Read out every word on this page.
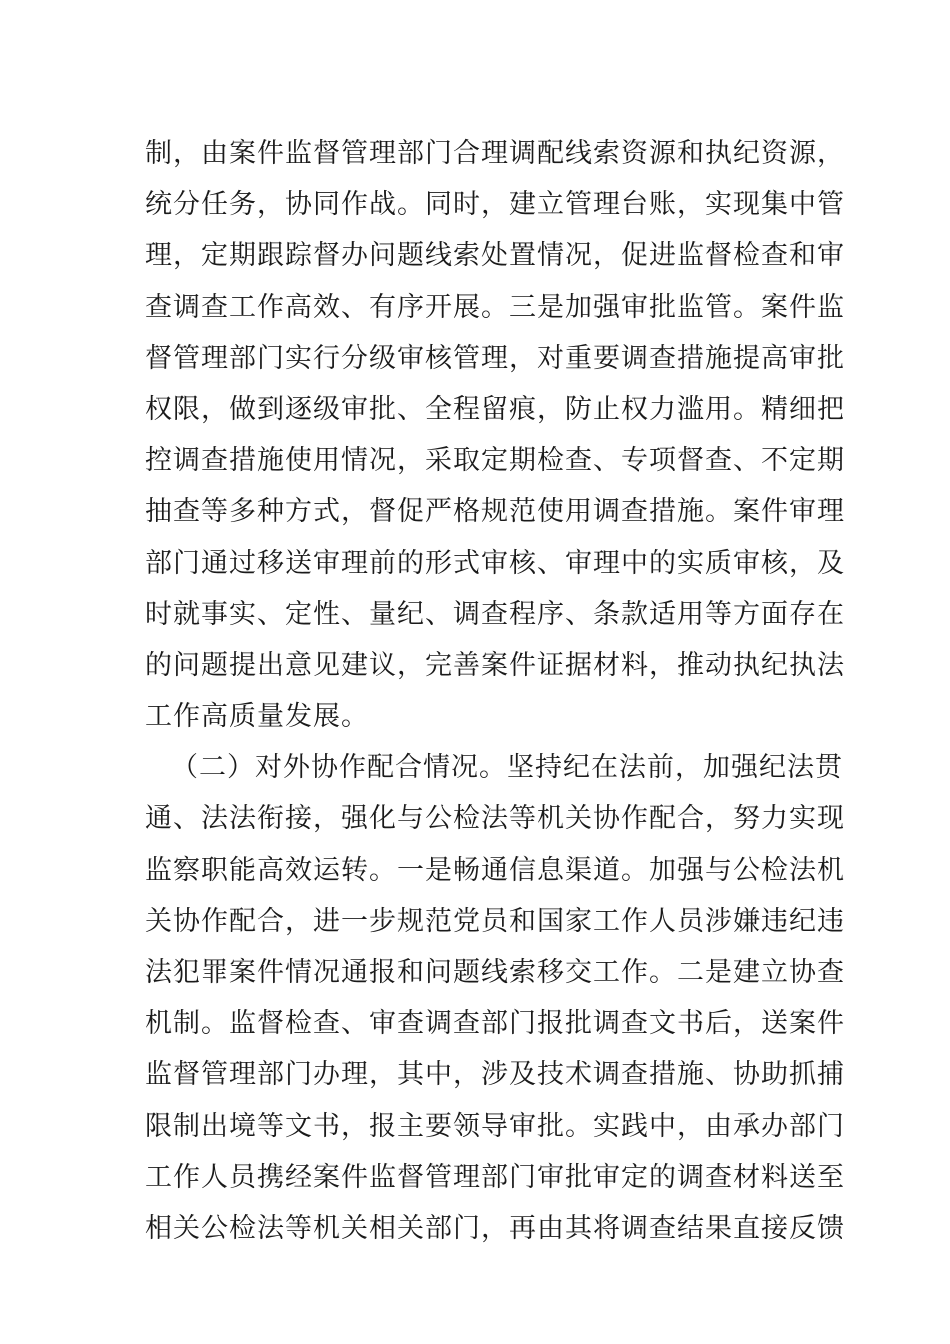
制，由案件监督管理部门合理调配线索资源和执纪资源，
统分任务，协同作战。同时，建立管理台账，实现集中管
理，定期跟踪督办问题线索处置情况，促进监督检查和审
查调查工作高效、有序开展。三是加强审批监管。案件监
督管理部门实行分级审核管理，对重要调查措施提高审批
权限，做到逐级审批、全程留痕，防止权力滥用。精细把
控调查措施使用情况，采取定期检查、专项督查、不定期
抽查等多种方式，督促严格规范使用调查措施。案件审理
部门通过移送审理前的形式审核、审理中的实质审核，及
时就事实、定性、量纪、调查程序、条款适用等方面存在
的问题提出意见建议，完善案件证据材料，推动执纪执法
工作高质量发展。
（二）对外协作配合情况。坚持纪在法前，加强纪法贯
通、法法衔接，强化与公检法等机关协作配合，努力实现
监察职能高效运转。一是畅通信息渠道。加强与公检法机
关协作配合，进一步规范党员和国家工作人员涉嫌违纪违
法犯罪案件情况通报和问题线索移交工作。二是建立协查
机制。监督检查、审查调查部门报批调查文书后，送案件
监督管理部门办理，其中，涉及技术调查措施、协助抓捕
限制出境等文书，报主要领导审批。实践中，由承办部门
工作人员携经案件监督管理部门审批审定的调查材料送至
相关公检法等机关相关部门，再由其将调查结果直接反馈
